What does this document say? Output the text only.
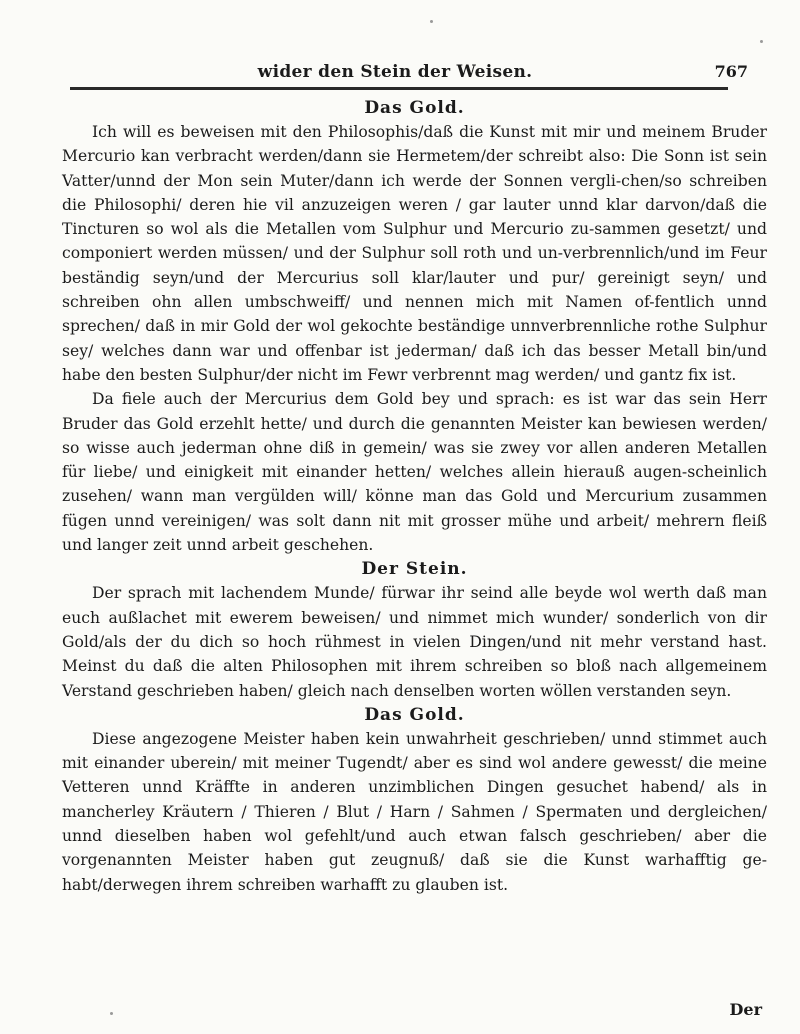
wider den Stein der Weisen.	767
Das Gold.

Ich will es beweisen mit den Philosophis/daß die Kunst mit mir und meinem Bruder Mercurio kan verbracht werden/dann sie Hermetem/der schreibt also: Die Sonn ist sein Vatter/unnd der Mon sein Muter/dann ich werde der Sonnen vergli-chen/so schreiben die Philosophi/ deren hie vil anzuzeigen weren / gar lauter unnd klar darvon/daß die Tincturen so wol als die Metallen vom Sulphur und Mercurio zu-sammen gesetzt/ und componiert werden müssen/ und der Sulphur soll roth und un-verbrennlich/und im Feur beständig seyn/und der Mercurius soll klar/lauter und pur/ gereinigt seyn/ und schreiben ohn allen umbschweiff/ und nennen mich mit Namen of-fentlich unnd sprechen/ daß in mir Gold der wol gekochte beständige unnverbrennliche rothe Sulphur sey/ welches dann war und offenbar ist jederman/ daß ich das besser Metall bin/und habe den besten Sulphur/der nicht im Fewr verbrennt mag werden/ und gantz fix ist.

Da fiele auch der Mercurius dem Gold bey und sprach: es ist war das sein Herr Bruder das Gold erzehlt hette/ und durch die genannten Meister kan bewiesen werden/ so wisse auch jederman ohne diß in gemein/ was sie zwey vor allen anderen Metallen für liebe/ und einigkeit mit einander hetten/ welches allein hierauß augen-scheinlich zusehen/ wann man vergülden will/ könne man das Gold und Mercurium zusammen fügen unnd vereinigen/ was solt dann nit mit grosser mühe und arbeit/ mehrern fleiß und langer zeit unnd arbeit geschehen.

Der Stein.

Der sprach mit lachendem Munde/ fürwar ihr seind alle beyde wol werth daß man euch außlachet mit ewerem beweisen/ und nimmet mich wunder/ sonderlich von dir Gold/als der du dich so hoch rühmest in vielen Dingen/und nit mehr verstand hast. Meinst du daß die alten Philosophen mit ihrem schreiben so bloß nach allgemeinem Verstand geschrieben haben/ gleich nach denselben worten wöllen verstanden seyn.

Das Gold.

Diese angezogene Meister haben kein unwahrheit geschrieben/ unnd stimmet auch mit einander uberein/ mit meiner Tugendt/ aber es sind wol andere gewesst/ die meine Vetteren unnd Kräffte in anderen unzimblichen Dingen gesuchet habend/ als in mancherley Kräutern / Thieren / Blut / Harn / Sahmen / Spermaten und dergleichen/ unnd dieselben haben wol gefehlt/und auch etwan falsch geschrieben/ aber die vorgenannten Meister haben gut zeugnuß/ daß sie die Kunst warhafftig ge-habt/derwegen ihrem schreiben warhafft zu glauben ist.

Der
